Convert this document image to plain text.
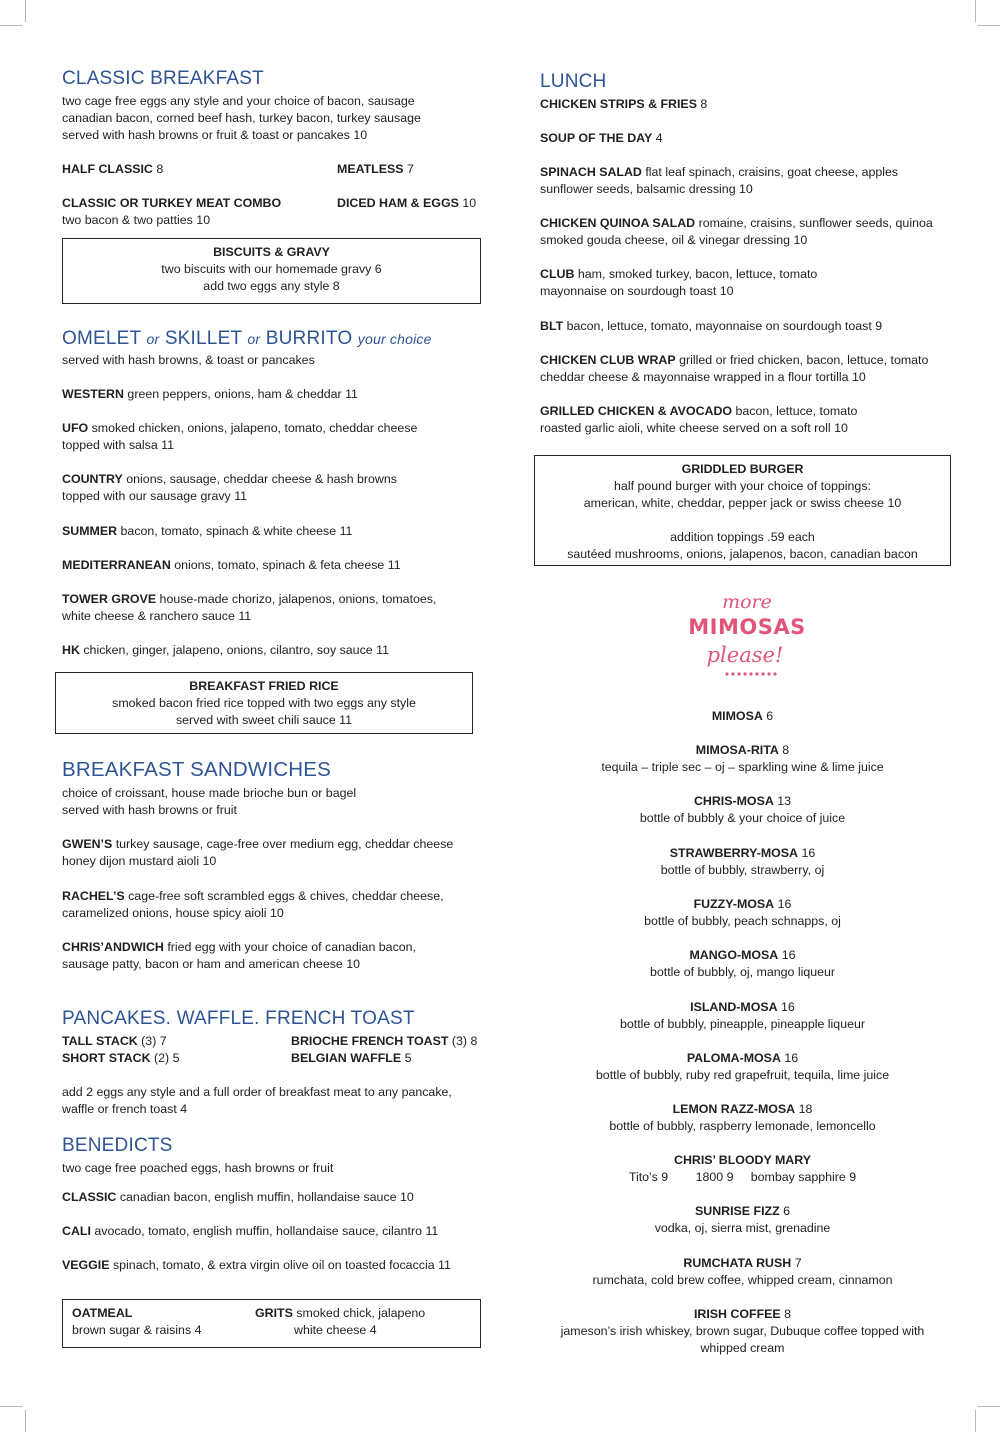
CLASSIC BREAKFAST
two cage free eggs any style and your choice of bacon, sausage
canadian bacon, corned beef hash, turkey bacon, turkey sausage
served with hash browns or fruit & toast or pancakes 10
HALF CLASSIC 8	MEATLESS 7
CLASSIC OR TURKEY MEAT COMBO
two bacon & two patties 10
DICED HAM & EGGS 10
BISCUITS & GRAVY
two biscuits with our homemade gravy 6
add two eggs any style 8
OMELET or SKILLET or BURRITO your choice
served with hash browns, & toast or pancakes
WESTERN green peppers, onions, ham & cheddar 11
UFO smoked chicken, onions, jalapeno, tomato, cheddar cheese
topped with salsa 11
COUNTRY onions, sausage, cheddar cheese & hash browns
topped with our sausage gravy 11
SUMMER bacon, tomato, spinach & white cheese 11
MEDITERRANEAN onions, tomato, spinach & feta cheese 11
TOWER GROVE house-made chorizo, jalapenos, onions, tomatoes,
white cheese & ranchero sauce 11
HK chicken, ginger, jalapeno, onions, cilantro, soy sauce 11
BREAKFAST FRIED RICE
smoked bacon fried rice topped with two eggs any style
served with sweet chili sauce 11
BREAKFAST SANDWICHES
choice of croissant, house made brioche bun or bagel
served with hash browns or fruit
GWEN’S turkey sausage, cage-free over medium egg, cheddar cheese
honey dijon mustard aioli 10
RACHEL’S cage-free soft scrambled eggs & chives, cheddar cheese,
caramelized onions, house spicy aioli 10
CHRIS’ANDWICH fried egg with your choice of canadian bacon,
sausage patty, bacon or ham and american cheese 10
PANCAKES. WAFFLE. FRENCH TOAST
TALL STACK (3) 7
SHORT STACK (2) 5
BRIOCHE FRENCH TOAST (3) 8
BELGIAN WAFFLE 5
add 2 eggs any style and a full order of breakfast meat to any pancake,
waffle or french toast 4
BENEDICTS
two cage free poached eggs, hash browns or fruit
CLASSIC canadian bacon, english muffin, hollandaise sauce 10
CALI avocado, tomato, english muffin, hollandaise sauce, cilantro 11
VEGGIE spinach, tomato, & extra virgin olive oil on toasted focaccia 11
OATMEAL
brown sugar & raisins 4
GRITS smoked chick, jalapeno
white cheese 4
LUNCH
CHICKEN STRIPS & FRIES 8
SOUP OF THE DAY 4
SPINACH SALAD flat leaf spinach, craisins, goat cheese, apples
sunflower seeds, balsamic dressing 10
CHICKEN QUINOA SALAD romaine, craisins, sunflower seeds, quinoa
smoked gouda cheese, oil & vinegar dressing 10
CLUB ham, smoked turkey, bacon, lettuce, tomato
mayonnaise on sourdough toast 10
BLT bacon, lettuce, tomato, mayonnaise on sourdough toast 9
CHICKEN CLUB WRAP grilled or fried chicken, bacon, lettuce, tomato
cheddar cheese & mayonnaise wrapped in a flour tortilla 10
GRILLED CHICKEN & AVOCADO bacon, lettuce, tomato
roasted garlic aioli, white cheese served on a soft roll 10
GRIDDLED BURGER
half pound burger with your choice of toppings:
american, white, cheddar, pepper jack or swiss cheese 10
addition toppings .59 each
sautéed mushrooms, onions, jalapenos, bacon, canadian bacon
more
MIMOSAS
please!
MIMOSA 6
MIMOSA-RITA 8
tequila – triple sec – oj – sparkling wine & lime juice
CHRIS-MOSA 13
bottle of bubbly & your choice of juice
STRAWBERRY-MOSA 16
bottle of bubbly, strawberry, oj
FUZZY-MOSA 16
bottle of bubbly, peach schnapps, oj
MANGO-MOSA 16
bottle of bubbly, oj, mango liqueur
ISLAND-MOSA 16
bottle of bubbly, pineapple, pineapple liqueur
PALOMA-MOSA 16
bottle of bubbly, ruby red grapefruit, tequila, lime juice
LEMON RAZZ-MOSA 18
bottle of bubbly, raspberry lemonade, lemoncello
CHRIS’ BLOODY MARY
Tito’s 9        1800 9     bombay sapphire 9
SUNRISE FIZZ 6
vodka, oj, sierra mist, grenadine
RUMCHATA RUSH 7
rumchata, cold brew coffee, whipped cream, cinnamon
IRISH COFFEE 8
jameson’s irish whiskey, brown sugar, Dubuque coffee topped with
whipped cream
